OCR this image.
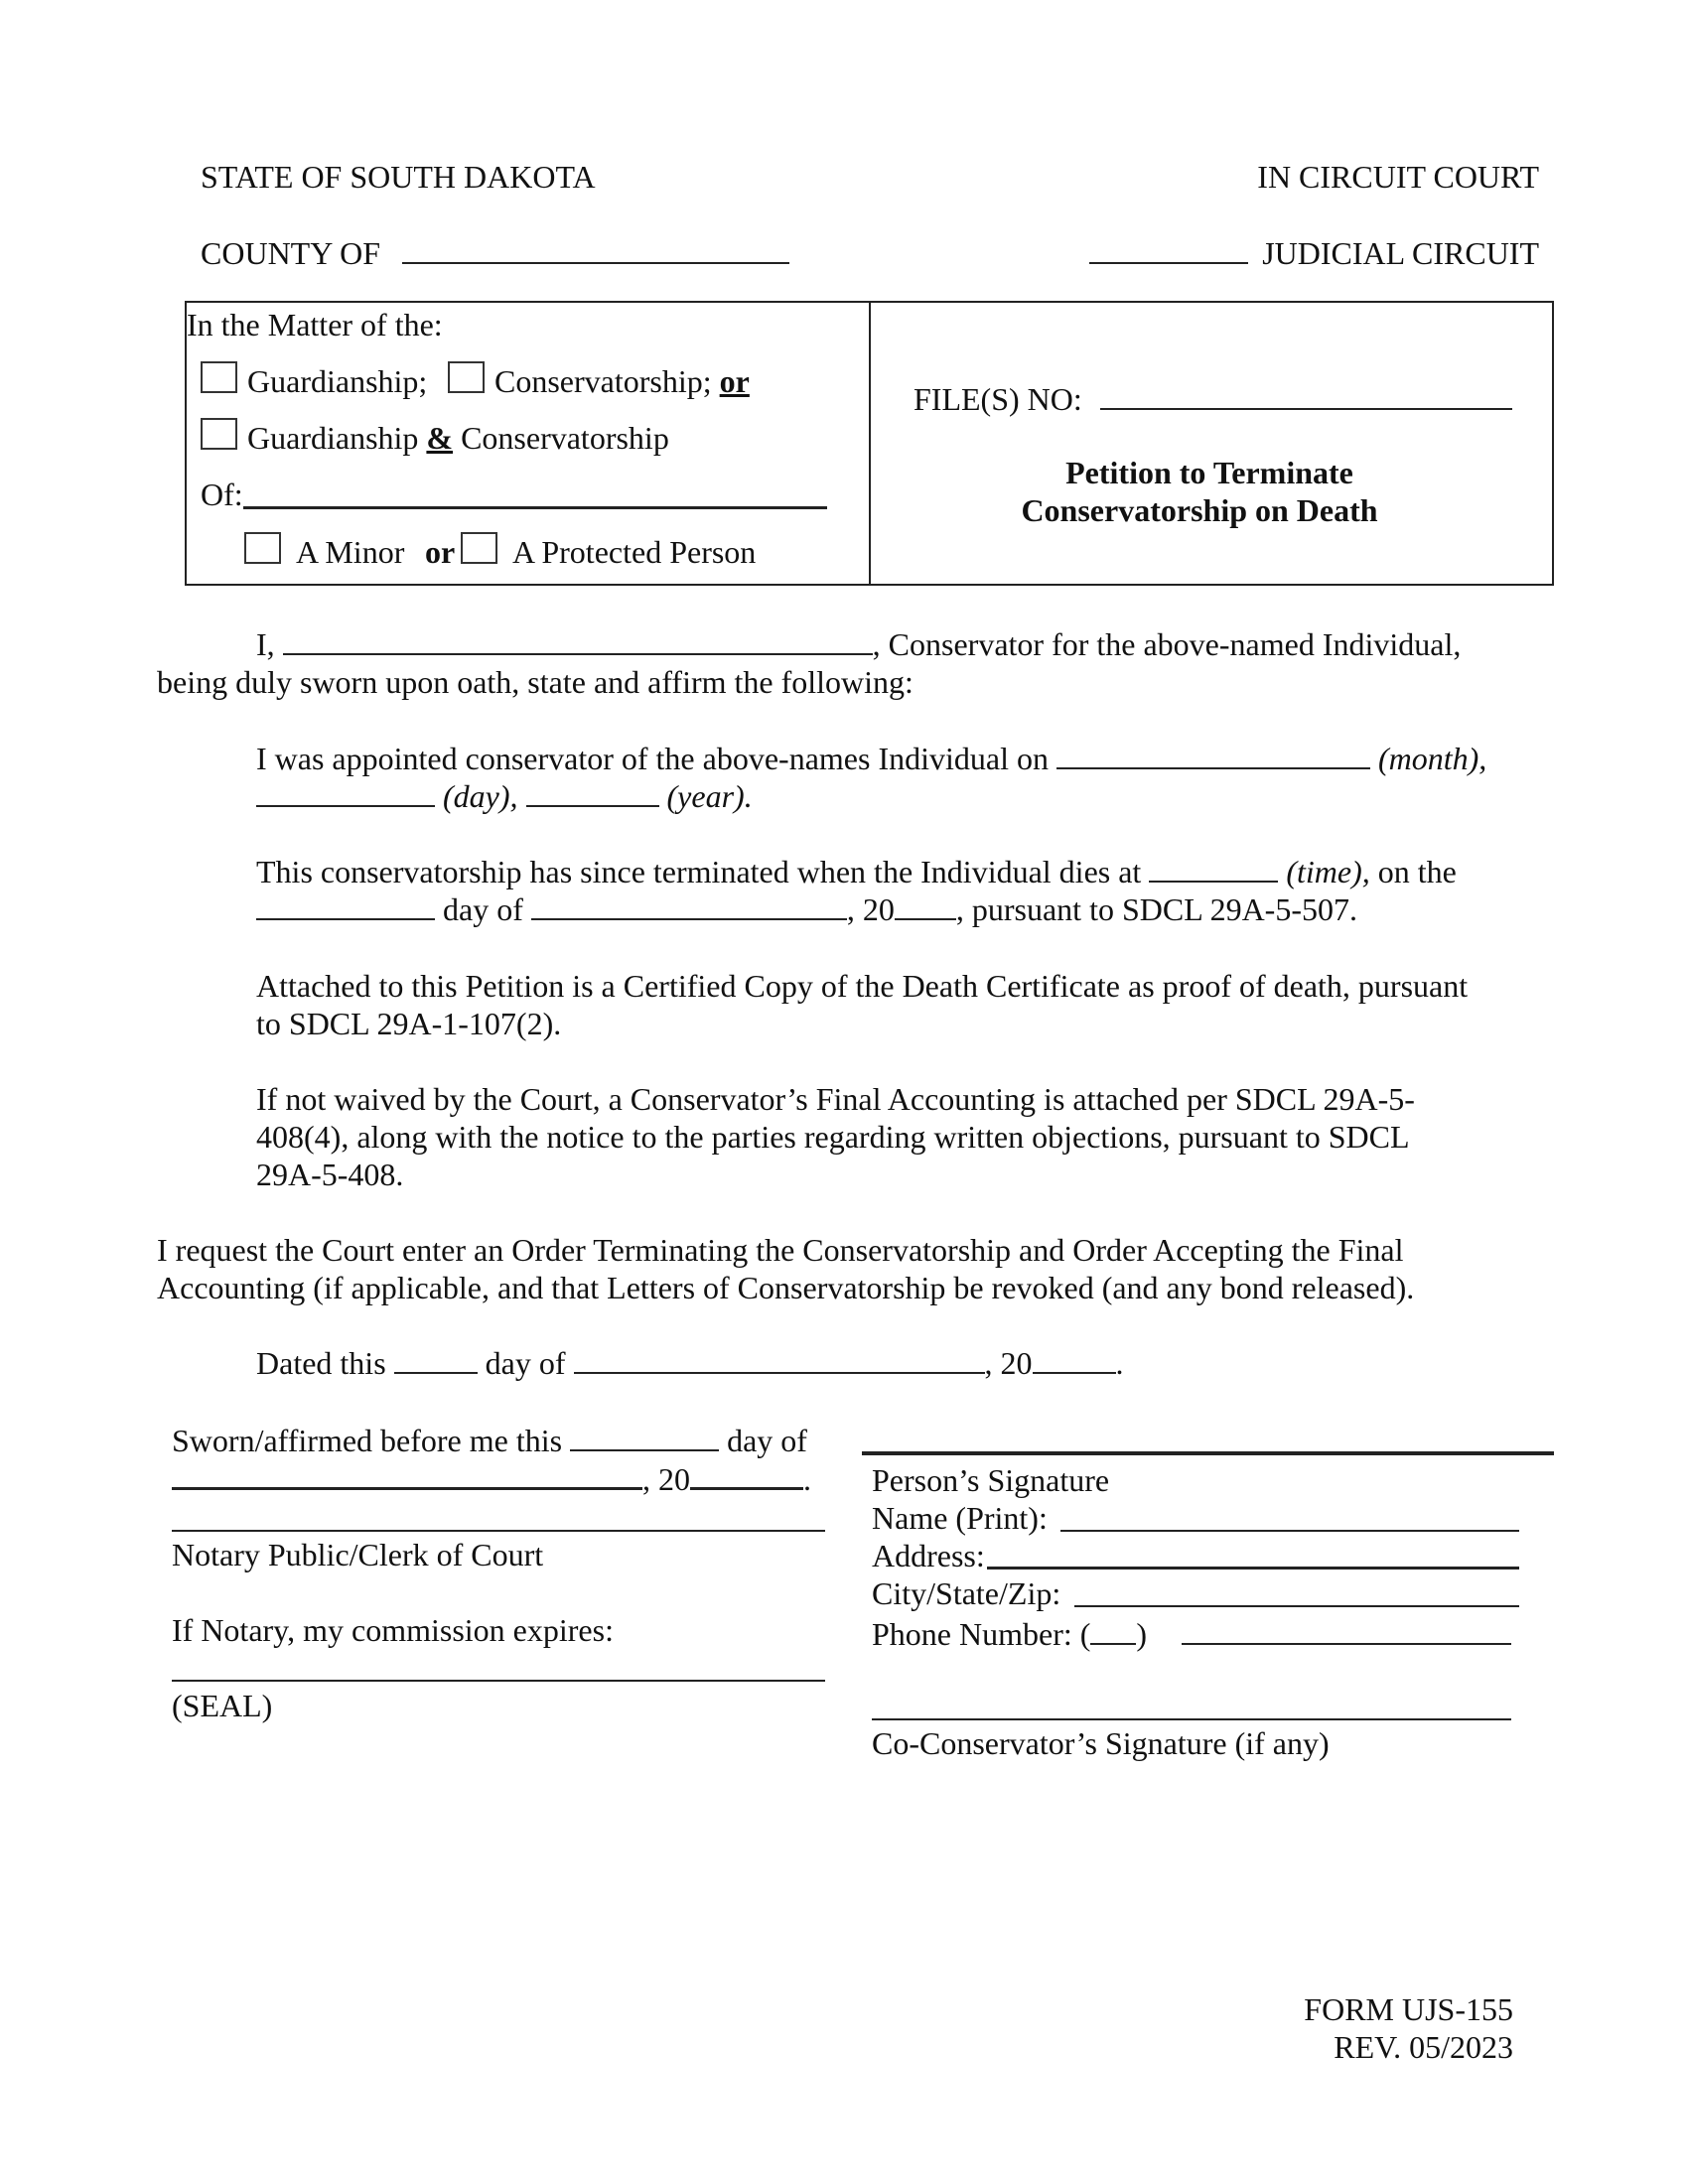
STATE OF SOUTH DAKOTA	IN CIRCUIT COURT
COUNTY OF	JUDICIAL CIRCUIT
In the Matter of the:
Guardianship; Conservatorship; or
Guardianship & Conservatorship
Of:
A Minor or A Protected Person
FILE(S) NO:
Petition to Terminate
Conservatorship on Death
I,	, Conservator for the above-named Individual,
being duly sworn upon oath, state and affirm the following:
I was appointed conservator of the above-names Individual on	(month),
(day),	(year).
This conservatorship has since terminated when the Individual dies at	(time), on the
day of	, 20 , pursuant to SDCL 29A-5-507.
Attached to this Petition is a Certified Copy of the Death Certificate as proof of death, pursuant
to SDCL 29A-1-107(2).
If not waived by the Court, a Conservator’s Final Accounting is attached per SDCL 29A-5-
408(4), along with the notice to the parties regarding written objections, pursuant to SDCL
29A-5-408.
I request the Court enter an Order Terminating the Conservatorship and Order Accepting the Final
Accounting (if applicable, and that Letters of Conservatorship be revoked (and any bond released).
Dated this	day of	, 20	.
Sworn/affirmed before me this	day of
, 20	.
Notary Public/Clerk of Court
If Notary, my commission expires:
(SEAL)
Person’s Signature
Name (Print):
Address:
City/State/Zip:
Phone Number: ( )
Co-Conservator’s Signature (if any)
FORM UJS-155
REV. 05/2023
